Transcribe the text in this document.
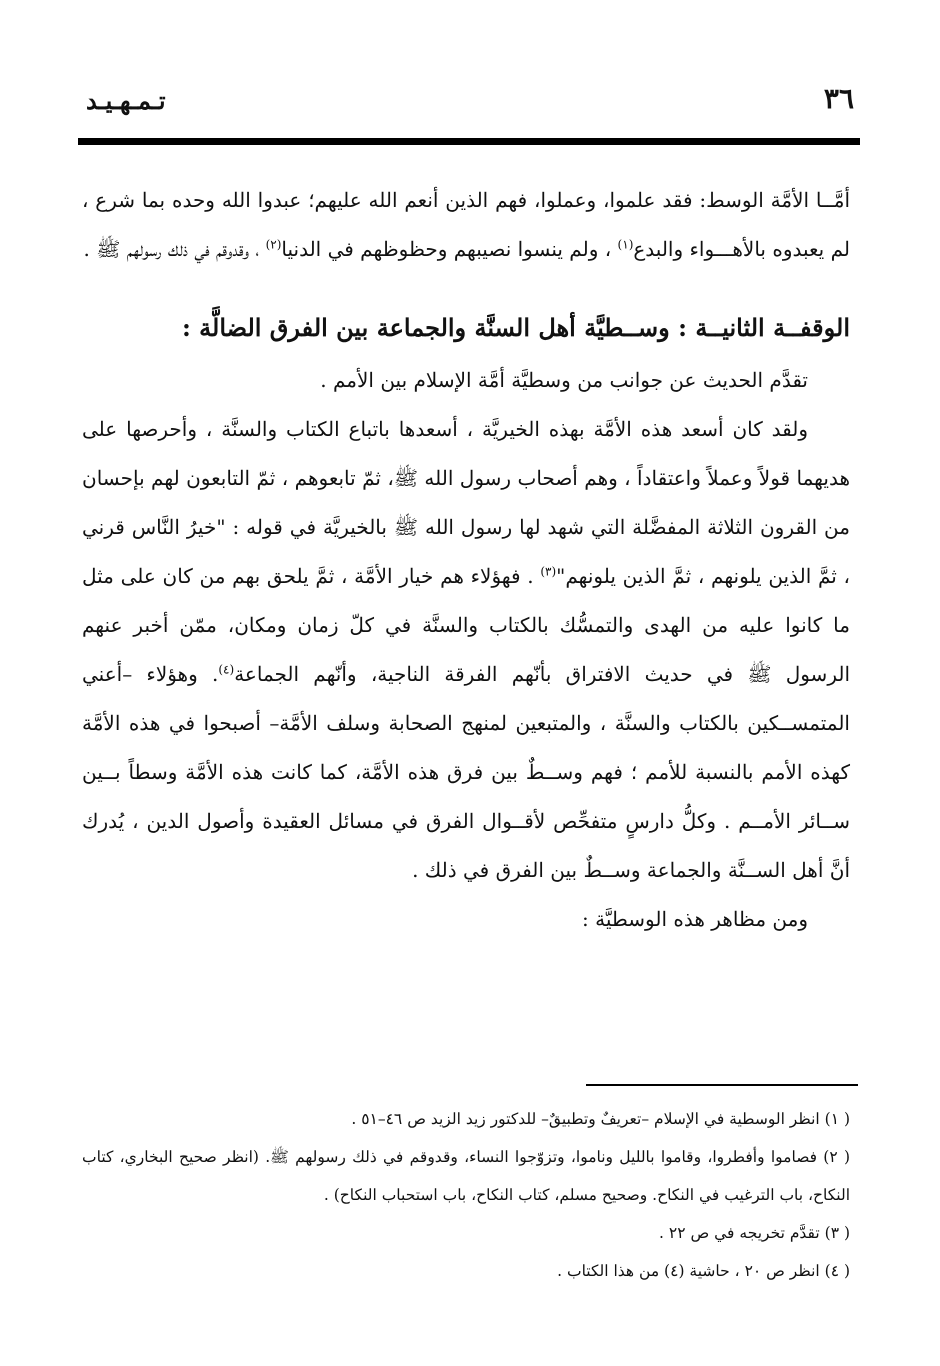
٣٦
تـمـهـيـد

أمَّــا الأمَّة الوسط: فقد علموا، وعملوا، فهم الذين أنعم الله عليهم؛ عبدوا الله وحده بما شرع ، لم يعبدوه بالأهـــواء والبدع$^{(١)}$ ، ولم ينسوا نصيبهم وحظوظهم في الدنيا$^{(٢)}$ ، وقدوقم في ذلك رسولهم ﷺ .

الوقفــة الثانيــة : وســطيَّة أهل السنَّة والجماعة بين الفرق الضالَّة :

تقدَّم الحديث عن جوانب من وسطيَّة أمَّة الإسلام بين الأمم .

ولقد كان أسعد هذه الأمَّة بهذه الخيريَّة ، أسعدها باتباع الكتاب والسنَّة ، وأحرصها على هديهما قولاً وعملاً واعتقاداً ، وهم أصحاب رسول الله ﷺ، ثمّ تابعوهم ، ثمّ التابعون لهم بإحسان من القرون الثلاثة المفضَّلة التي شهد لها رسول الله ﷺ بالخيريَّة في قوله : "خيرُ النَّاس قرني ، ثمَّ الذين يلونهم ، ثمَّ الذين يلونهم"$^{(٣)}$ . فهؤلاء هم خيار الأمَّة ، ثمَّ يلحق بهم من كان على مثل ما كانوا عليه من الهدى والتمسُّك بالكتاب والسنَّة في كلّ زمان ومكان، ممّن أخبر عنهم الرسول ﷺ في حديث الافتراق بأنّهم الفرقة الناجية، وأنّهم الجماعة$^{(٤)}$. وهؤلاء –أعني المتمســكين بالكتاب والسنَّة ، والمتبعين لمنهج الصحابة وسلف الأمَّة– أصبحوا في هذه الأمَّة كهذه الأمم بالنسبة للأمم ؛ فهم وســطٌ بين فرق هذه الأمَّة، كما كانت هذه الأمَّة وسطاً بــين ســائر الأمــم . وكلُّ دارسٍ متفحِّص لأقــوال الفرق في مسائل العقيدة وأصول الدين ، يُدرك أنَّ أهل الســنَّة والجماعة وســطٌ بين الفرق في ذلك .

ومن مظاهر هذه الوسطيَّة :

( ١) انظر الوسطية في الإسلام –تعريفٌ وتطبيقٌ– للدكتور زيد الزيد ص ٤٦–٥١ .

( ٢) فصاموا وأفطروا، وقاموا بالليل وناموا، وتزوّجوا النساء، وقدوقم في ذلك رسولهم ﷺ. (انظر صحيح البخاري، كتاب النكاح، باب الترغيب في النكاح. وصحيح مسلم، كتاب النكاح، باب استحباب النكاح) .

( ٣) تقدَّم تخريجه في ص ٢٢ .

( ٤) انظر ص ٢٠ ، حاشية (٤) من هذا الكتاب .
